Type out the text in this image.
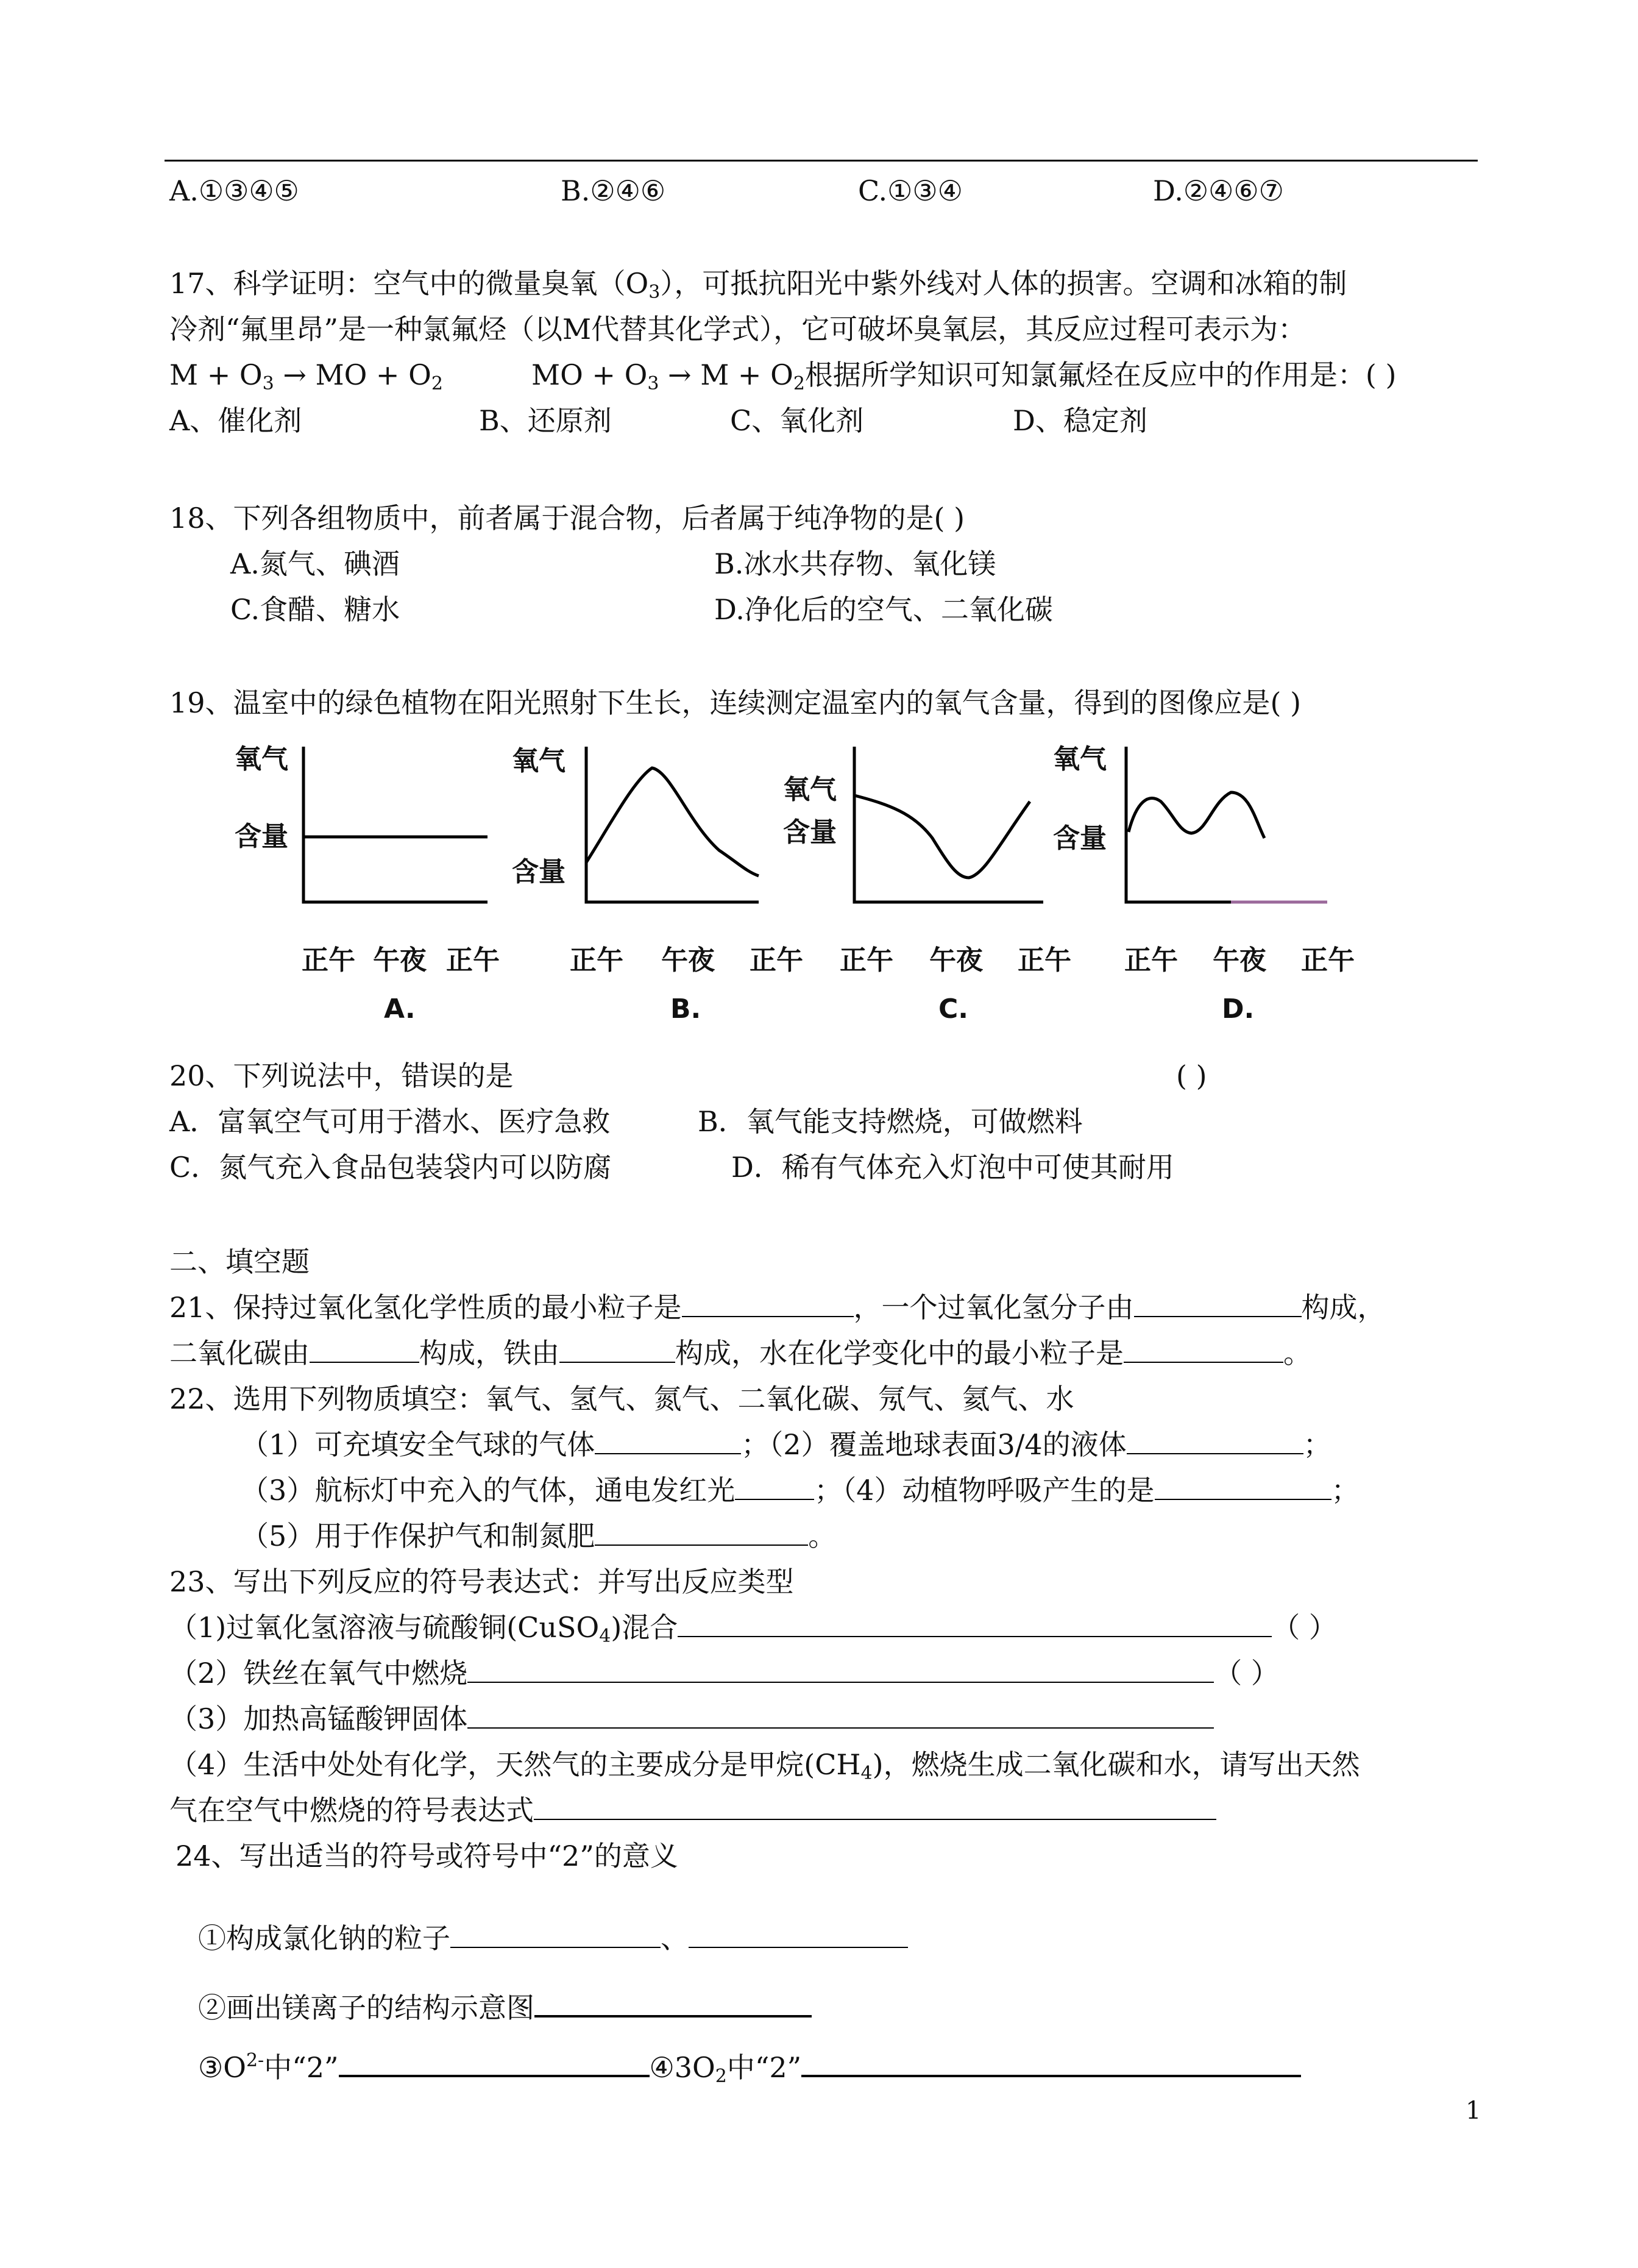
A.①③④⑤	B.②④⑥	C.①③④	D.②④⑥⑦
17、科学证明：空气中的微量臭氧$(O_3)$，可抵抗阳光中紫外线对人体的损害。空调和冰箱的制
冷剂“氟里昂”是一种氯氟烃（以M代替其化学式），它可破坏臭氧层，其反应过程可表示为：
$M + O_3$ → MO + $O_2$	MO + $O_3 \to M + O_2$根据所学知识可知氯氟烃在反应中的作用是：( )
A、催化剂	B、还原剂	C、氧化剂	D、稳定剂
18、下列各组物质中，前者属于混合物，后者属于纯净物的是( )
A.氮气、碘酒	B.冰水共存物、氧化镁
C.食醋、糖水	D.净化后的空气、二氧化碳
19、温室中的绿色植物在阳光照射下生长，连续测定温室内的氧气含量，得到的图像应是( )
氧气
含量
正午 午夜 正午
A.
氧气
含量
正午 午夜 正午
B.
氧气
含量
正午 午夜 正午
C.
氧气
含量
正午 午夜 正午
D.
20、下列说法中，错误的是	( )
A．富氧空气可用于潜水、医疗急救	B．氧气能支持燃烧，可做燃料
C．氮气充入食品包装袋内可以防腐	D．稀有气体充入灯泡中可使其耐用
二、填空题
21、保持过氧化氢化学性质的最小粒子是	，一个过氧化氢分子由	构成，
二氧化碳由	构成，铁由	构成，水在化学变化中的最小粒子是	。
22、选用下列物质填空：氧气、氢气、氮气、二氧化碳、氖气、氦气、水
（1）可充填安全气球的气体	；（2）覆盖地球表面3/4的液体	；
（3）航标灯中充入的气体，通电发红光	；（4）动植物呼吸产生的是	；
（5）用于作保护气和制氮肥	。
23、写出下列反应的符号表达式：并写出反应类型
（1)过氧化氢溶液与硫酸铜(CuSO$_4$)混合	（ ）
（2）铁丝在氧气中燃烧	（ ）
（3）加热高锰酸钾固体
（4）生活中处处有化学，天然气的主要成分是甲烷$(CH_4)$，燃烧生成二氧化碳和水，请写出天然
气在空气中燃烧的符号表达式
24、写出适当的符号或符号中“2”的意义
①构成氯化钠的粒子	、
②画出镁离子的结构示意图
$③O^{2-}$中“2”	$④3O_2$中“2”
1
